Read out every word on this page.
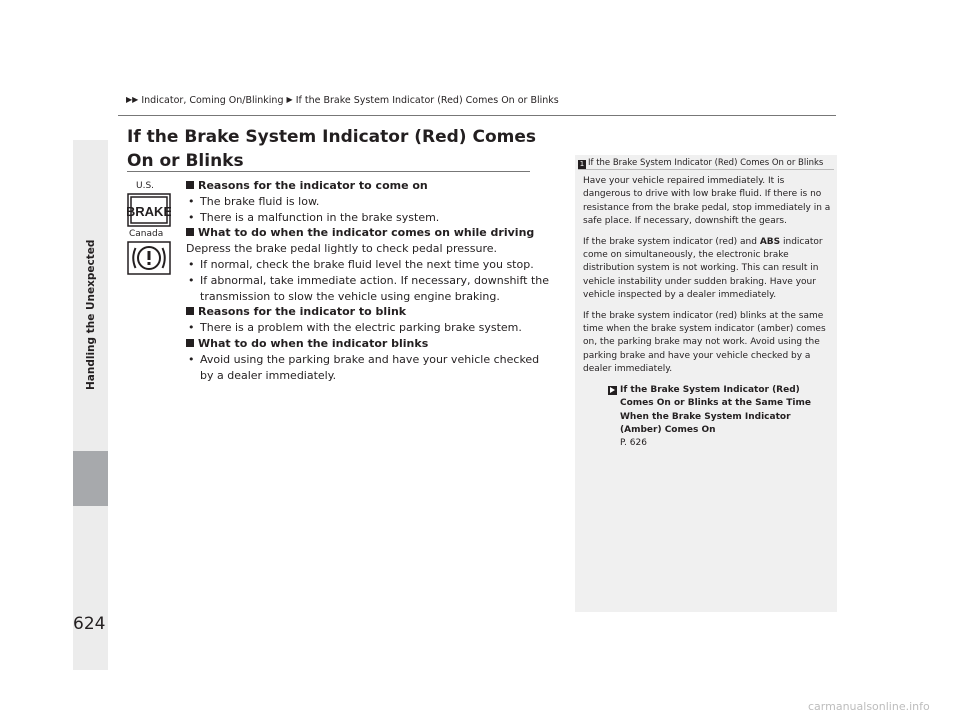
▶▶ Indicator, Coming On/Blinking ▶ If the Brake System Indicator (Red) Comes On or Blinks
Handling the Unexpected
624
If the Brake System Indicator (Red) Comes On or Blinks
U.S.
BRAKE
Canada

Reasons for the indicator to come on

• The brake fluid is low.
• There is a malfunction in the brake system.

What to do when the indicator comes on while driving

Depress the brake pedal lightly to check pedal pressure.

• If normal, check the brake fluid level the next time you stop.
• If abnormal, take immediate action. If necessary, downshift the transmission to slow the vehicle using engine braking.

Reasons for the indicator to blink

• There is a problem with the electric parking brake system.

What to do when the indicator blinks

• Avoid using the parking brake and have your vehicle checked by a dealer immediately.
1 If the Brake System Indicator (Red) Comes On or Blinks

Have your vehicle repaired immediately. It is dangerous to drive with low brake fluid. If there is no resistance from the brake pedal, stop immediately in a safe place. If necessary, downshift the gears.

If the brake system indicator (red) and ABS indicator come on simultaneously, the electronic brake distribution system is not working. This can result in vehicle instability under sudden braking. Have your vehicle inspected by a dealer immediately.

If the brake system indicator (red) blinks at the same time when the brake system indicator (amber) comes on, the parking brake may not work. Avoid using the parking brake and have your vehicle checked by a dealer immediately.

If the Brake System Indicator (Red) Comes On or Blinks at the Same Time When the Brake System Indicator (Amber) Comes On
P. 626
carmanualsonline.info
